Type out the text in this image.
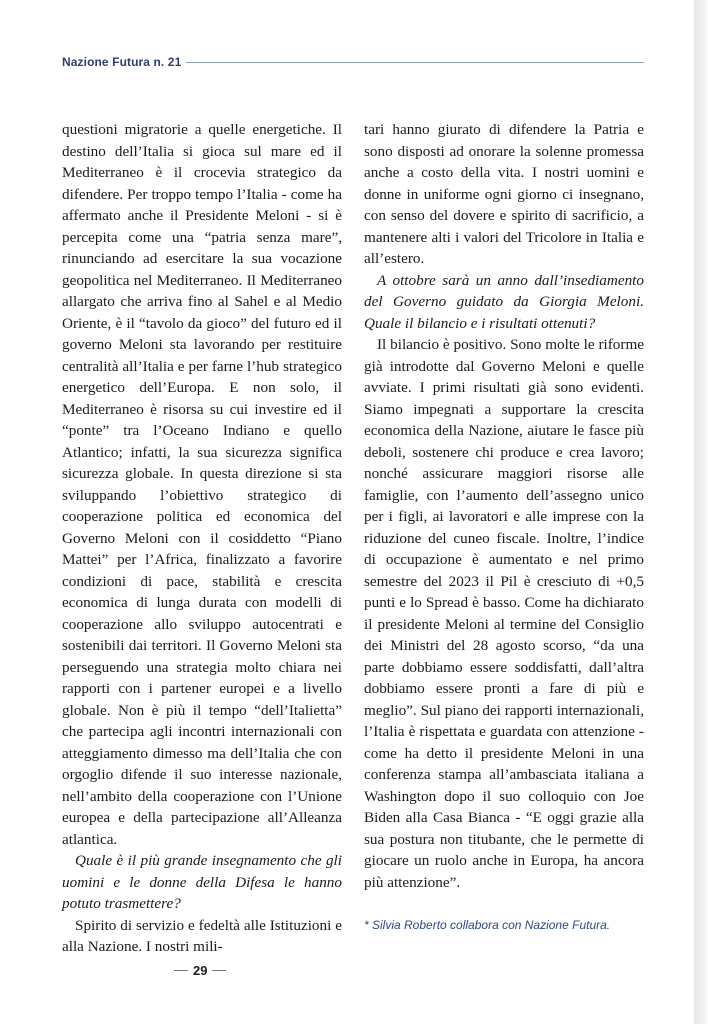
Nazione Futura n. 21

questioni migratorie a quelle energetiche. Il destino dell’Italia si gioca sul mare ed il Mediterraneo è il crocevia strategico da difendere. Per troppo tempo l’Italia - come ha affermato anche il Presidente Meloni - si è percepita come una “patria senza mare”, rinunciando ad esercitare la sua vocazione geopolitica nel Mediterraneo. Il Mediterraneo allargato che arriva fino al Sahel e al Medio Oriente, è il “tavolo da gioco” del futuro ed il governo Meloni sta lavorando per restituire centralità all’Italia e per farne l’hub strategico energetico dell’Europa. E non solo, il Mediterraneo è risorsa su cui investire ed il “ponte” tra l’Oceano Indiano e quello Atlantico; infatti, la sua sicurezza significa sicurezza globale. In questa direzione si sta sviluppando l’obiettivo strategico di cooperazione politica ed economica del Governo Meloni con il cosiddetto “Piano Mattei” per l’Africa, finalizzato a favorire condizioni di pace, stabilità e crescita economica di lunga durata con modelli di cooperazione allo sviluppo autocentrati e sostenibili dai territori. Il Governo Meloni sta perseguendo una strategia molto chiara nei rapporti con i partener europei e a livello globale. Non è più il tempo “dell’Italietta” che partecipa agli incontri internazionali con atteggiamento dimesso ma dell’Italia che con orgoglio difende il suo interesse nazionale, nell’ambito della cooperazione con l’Unione europea e della partecipazione all’Alleanza atlantica.

Quale è il più grande insegnamento che gli uomini e le donne della Difesa le hanno potuto trasmettere?

Spirito di servizio e fedeltà alle Istituzioni e alla Nazione. I nostri mili-

tari hanno giurato di difendere la Patria e sono disposti ad onorare la solenne promessa anche a costo della vita. I nostri uomini e donne in uniforme ogni giorno ci insegnano, con senso del dovere e spirito di sacrificio, a mantenere alti i valori del Tricolore in Italia e all’estero.

A ottobre sarà un anno dall’insediamento del Governo guidato da Giorgia Meloni. Quale il bilancio e i risultati ottenuti?

Il bilancio è positivo. Sono molte le riforme già introdotte dal Governo Meloni e quelle avviate. I primi risultati già sono evidenti. Siamo impegnati a supportare la crescita economica della Nazione, aiutare le fasce più deboli, sostenere chi produce e crea lavoro; nonché assicurare maggiori risorse alle famiglie, con l’aumento dell’assegno unico per i figli, ai lavoratori e alle imprese con la riduzione del cuneo fiscale. Inoltre, l’indice di occupazione è aumentato e nel primo semestre del 2023 il Pil è cresciuto di +0,5 punti e lo Spread è basso. Come ha dichiarato il presidente Meloni al termine del Consiglio dei Ministri del 28 agosto scorso, “da una parte dobbiamo essere soddisfatti, dall’altra dobbiamo essere pronti a fare di più e meglio”. Sul piano dei rapporti internazionali, l’Italia è rispettata e guardata con attenzione - come ha detto il presidente Meloni in una conferenza stampa all’ambasciata italiana a Washington dopo il suo colloquio con Joe Biden alla Casa Bianca - “E oggi grazie alla sua postura non titubante, che le permette di giocare un ruolo anche in Europa, ha ancora più attenzione”.

* Silvia Roberto collabora con Nazione Futura.
29
